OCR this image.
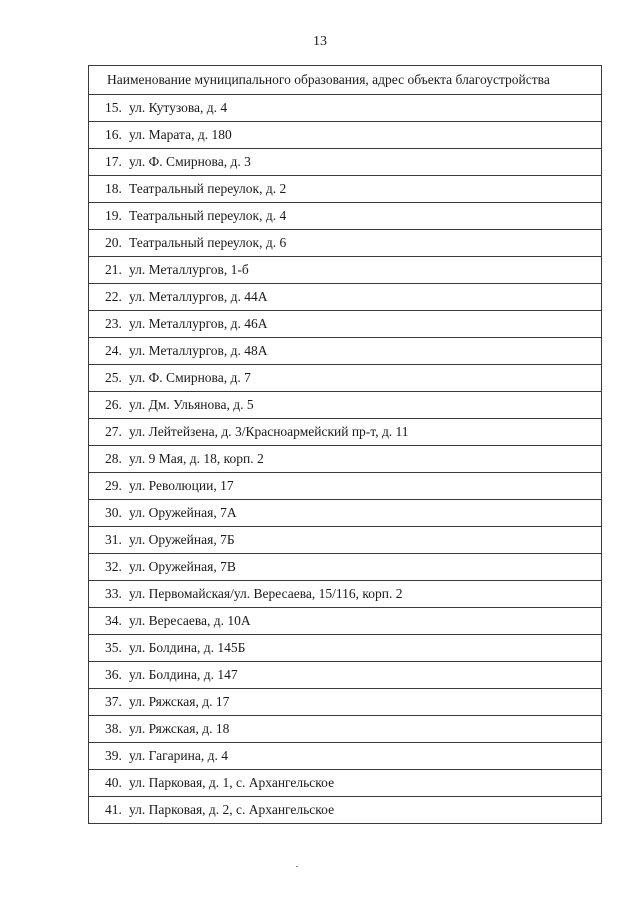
13
Наименование муниципального образования, адрес объекта благоустройства
15. ул. Кутузова, д. 4
16. ул. Марата, д. 180
17. ул. Ф. Смирнова, д. 3
18. Театральный переулок, д. 2
19. Театральный переулок, д. 4
20. Театральный переулок, д. 6
21. ул. Металлургов, 1-б
22. ул. Металлургов, д. 44А
23. ул. Металлургов, д. 46А
24. ул. Металлургов, д. 48А
25. ул. Ф. Смирнова, д. 7
26. ул. Дм. Ульянова, д. 5
27. ул. Лейтейзена, д. 3/Красноармейский пр-т, д. 11
28. ул. 9 Мая, д. 18, корп. 2
29. ул. Революции, 17
30. ул. Оружейная, 7А
31. ул. Оружейная, 7Б
32. ул. Оружейная, 7В
33. ул. Первомайская/ул. Вересаева, 15/116, корп. 2
34. ул. Вересаева, д. 10А
35. ул. Болдина, д. 145Б
36. ул. Болдина, д. 147
37. ул. Ряжская, д. 17
38. ул. Ряжская, д. 18
39. ул. Гагарина, д. 4
40. ул. Парковая, д. 1, с. Архангельское
41. ул. Парковая, д. 2, с. Архангельское
